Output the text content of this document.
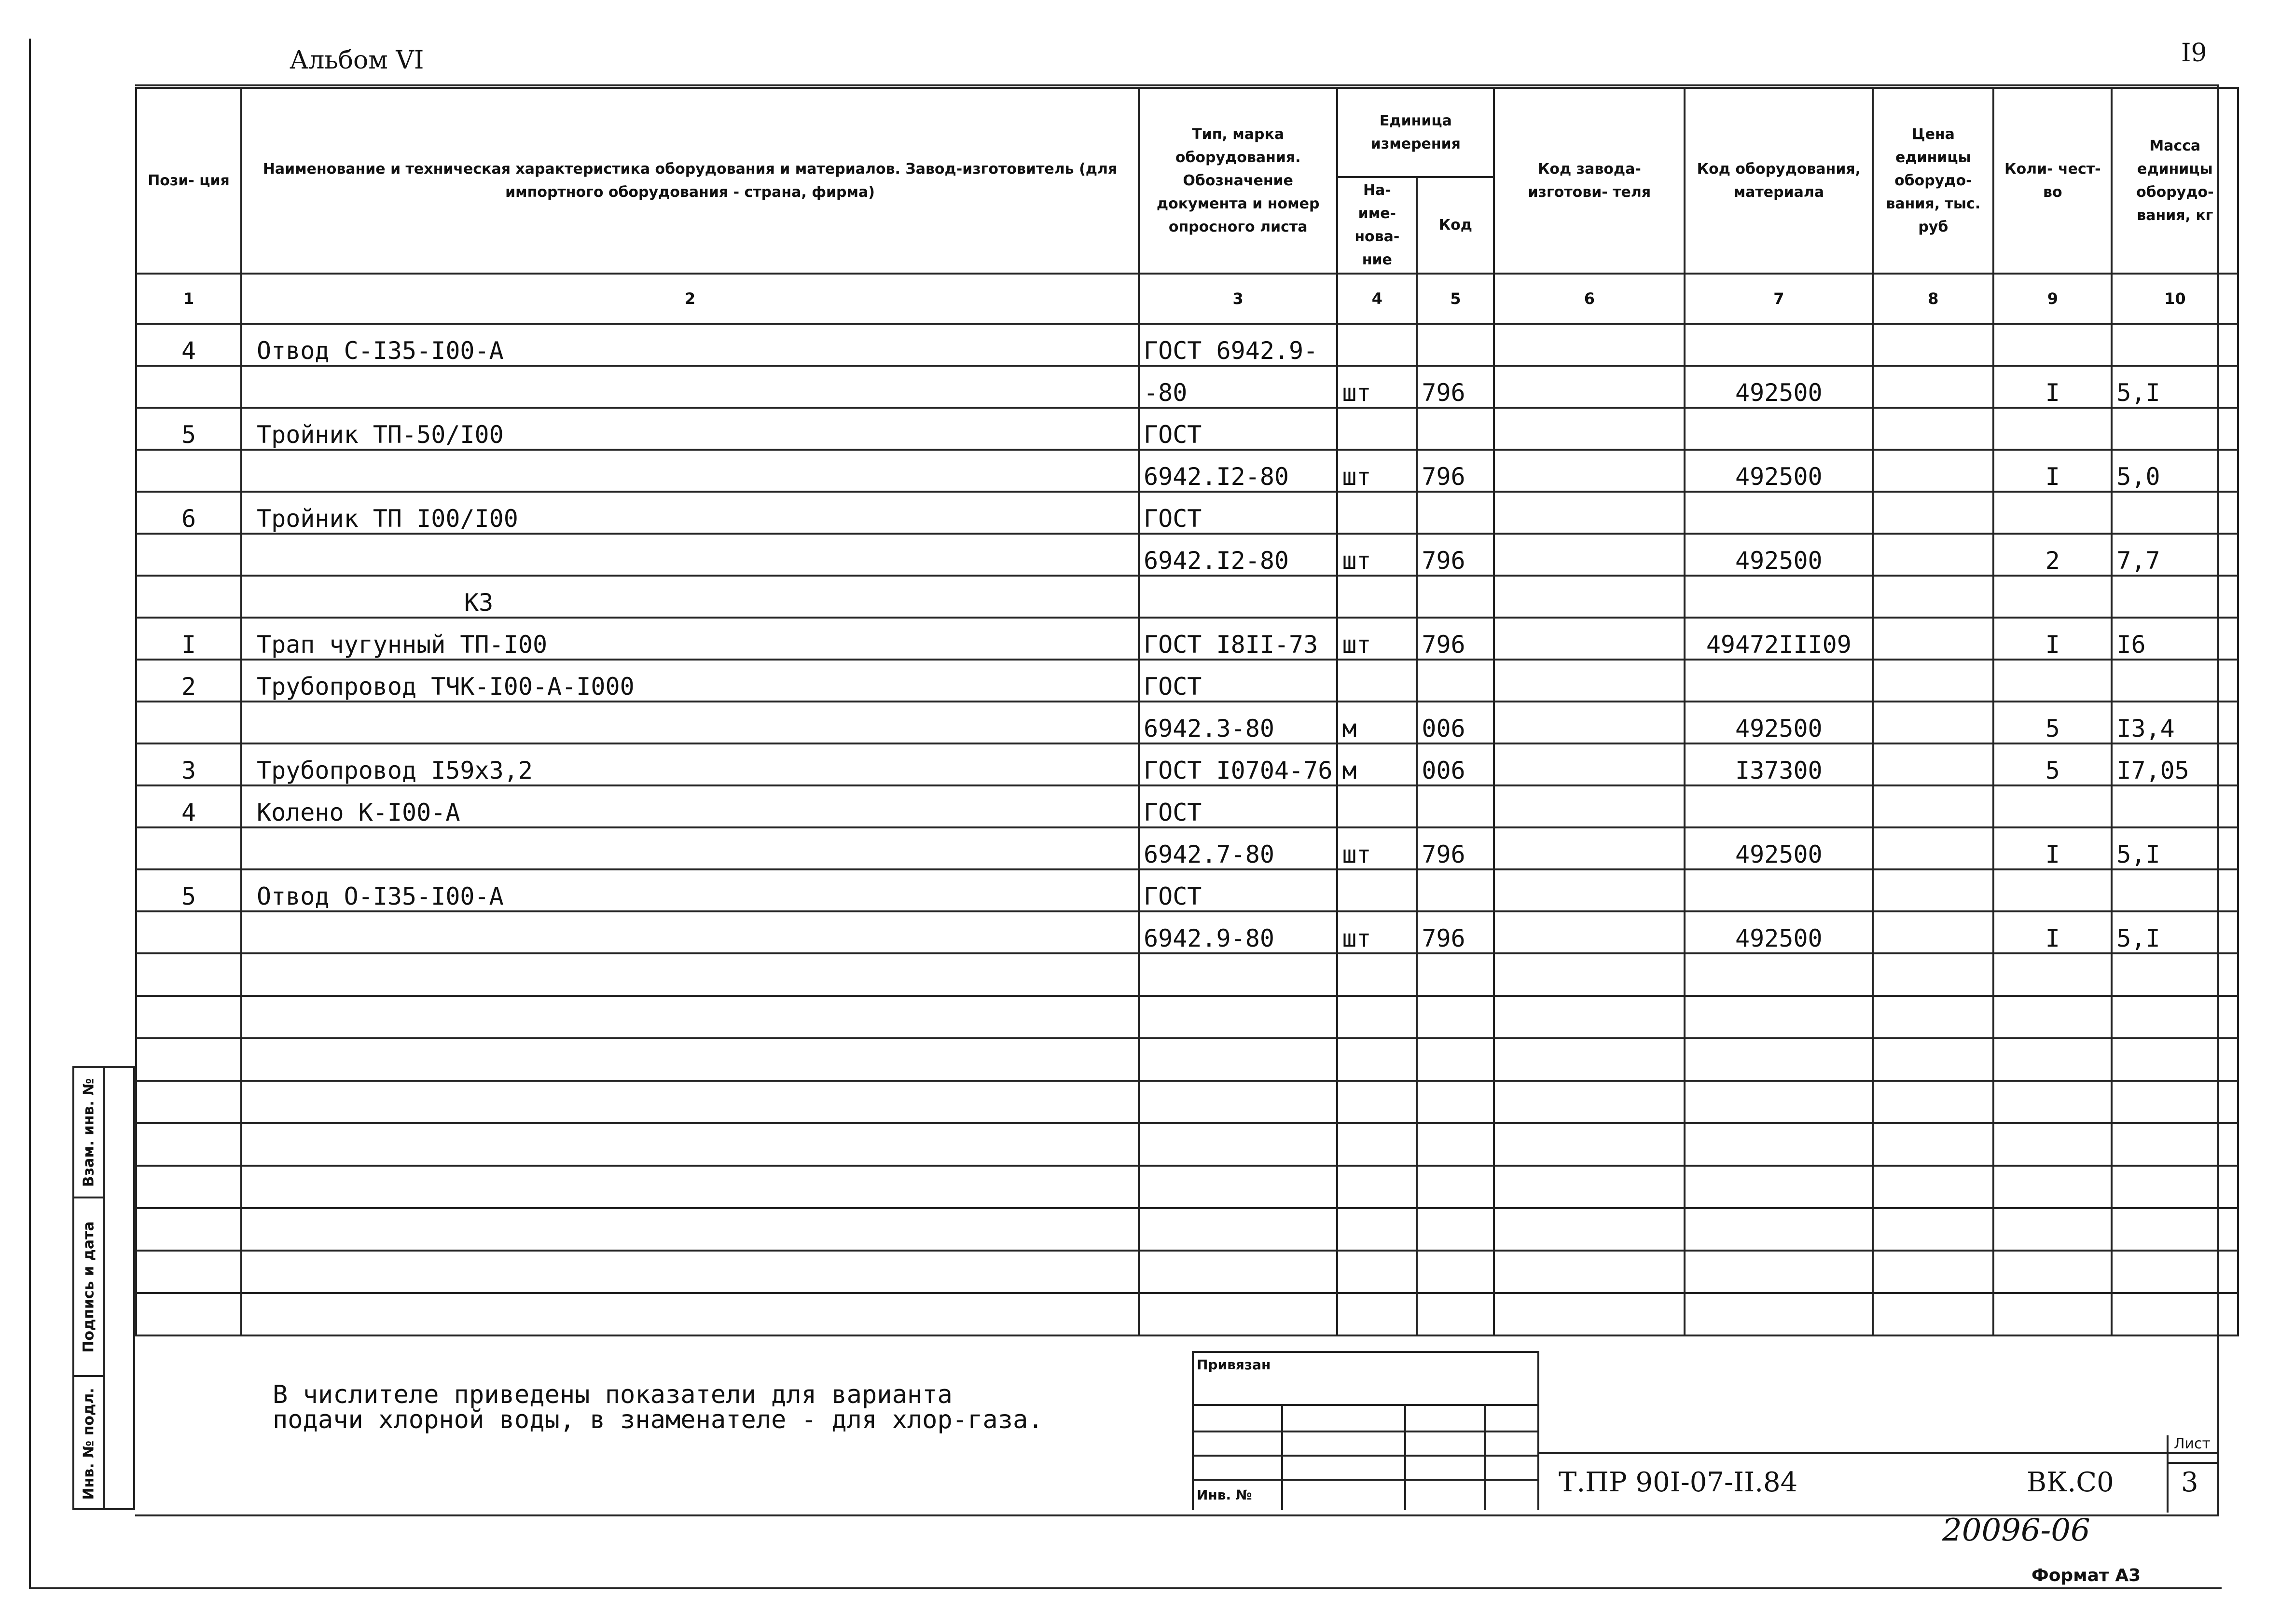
Альбом VI	I9
Пози- ция	Наименование и техническая характеристика оборудования и материалов. Завод-изготовитель (для импортного оборудования - страна, фирма)	Тип, марка оборудования. Обозначение документа и номер опросного листа	Единица измерения		Код завода- изготови- теля	Код оборудования, материала	Цена единицы оборудо- вания, тыс. руб	Коли- чест- во	Масса единицы оборудо- вания, кг
			На- име- нова- ние	Код					
1	2	3	4	5	6	7	8	9	10
4	Отвод С-I35-I00-А	ГОСТ 6942.9-							
		-80	шт	796		492500		I	5,I
5	Тройник ТП-50/I00	ГОСТ							
		6942.I2-80	шт	796		492500		I	5,0
6	Тройник ТП I00/I00	ГОСТ							
		6942.I2-80	шт	796		492500		2	7,7
	К3								
I	Трап чугунный ТП-I00	ГОСТ I8II-73	шт	796		49472III09		I	I6
2	Трубопровод ТЧК-I00-А-I000	ГОСТ							
		6942.3-80	м	006		492500		5	I3,4
3	Трубопровод I59x3,2	ГОСТ I0704-76	м	006		I37300		5	I7,05
4	Колено К-I00-А	ГОСТ							
		6942.7-80	шт	796		492500		I	5,I
5	Отвод О-I35-I00-А	ГОСТ							
		6942.9-80	шт	796		492500		I	5,I

Взам. инв. №
Подпись и дата
Инв. № подл.	В числителе приведены показатели для варианта
подачи хлорной воды, в знаменателе - для хлор-газа.
Привязан
Инв. №	Т.ПР 90I-07-II.84	ВК.С0
Лист
3
20096-06
Формат А3
